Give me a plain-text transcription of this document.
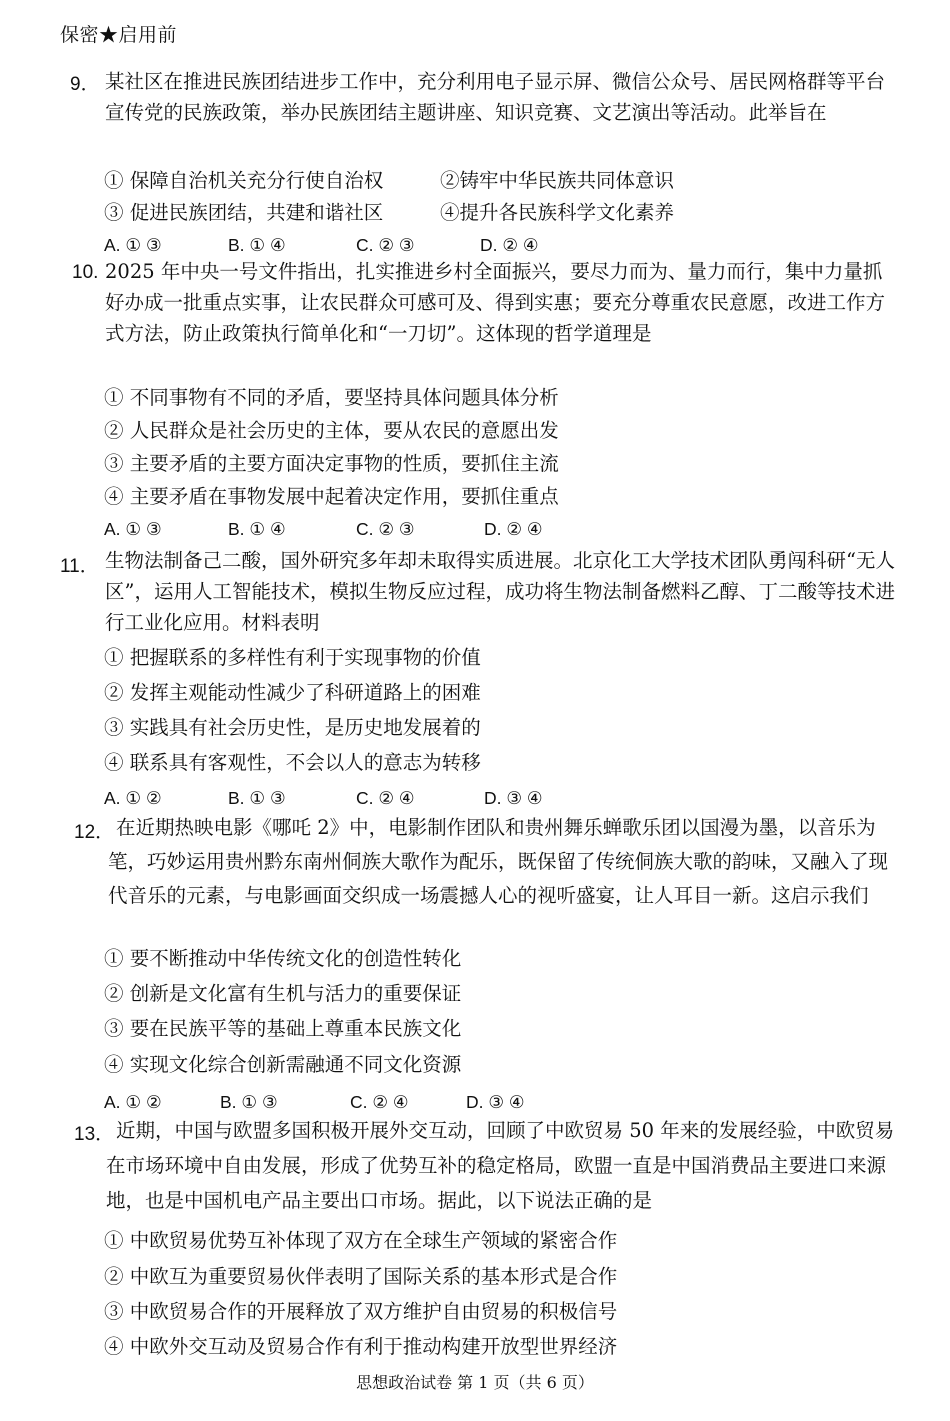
保密★启用前
9． 某社区在推进民族团结进步工作中，充分利用电子显示屏、微信公众号、居民网格群等平台宣传党的民族政策，举办民族团结主题讲座、知识竞赛、文艺演出等活动。此举旨在
① 保障自治机关充分行使自治权	②铸牢中华民族共同体意识
③ 促进民族团结，共建和谐社区	④提升各民族科学文化素养
A. ① ③	B. ① ④	C. ② ③	D. ② ④
10. 2025 年中央一号文件指出，扎实推进乡村全面振兴，要尽力而为、量力而行，集中力量抓好办成一批重点实事，让农民群众可感可及、得到实惠；要充分尊重农民意愿，改进工作方式方法，防止政策执行简单化和“一刀切”。这体现的哲学道理是
① 不同事物有不同的矛盾，要坚持具体问题具体分析
② 人民群众是社会历史的主体，要从农民的意愿出发
③ 主要矛盾的主要方面决定事物的性质，要抓住主流
④ 主要矛盾在事物发展中起着决定作用，要抓住重点
A. ① ③	B. ① ④	C. ② ③	D. ② ④
11． 生物法制备己二酸，国外研究多年却未取得实质进展。北京化工大学技术团队勇闯科研“无人区”，运用人工智能技术，模拟生物反应过程，成功将生物法制备燃料乙醇、丁二酸等技术进行工业化应用。材料表明
① 把握联系的多样性有利于实现事物的价值
② 发挥主观能动性减少了科研道路上的困难
③ 实践具有社会历史性，是历史地发展着的
④ 联系具有客观性，不会以人的意志为转移
A. ① ②	B. ① ③	C. ② ④	D. ③ ④
12． 在近期热映电影《哪吒 2》中，电影制作团队和贵州舞乐蝉歌乐团以国漫为墨，以音乐为笔，巧妙运用贵州黔东南州侗族大歌作为配乐，既保留了传统侗族大歌的韵味，又融入了现代音乐的元素，与电影画面交织成一场震撼人心的视听盛宴，让人耳目一新。这启示我们
① 要不断推动中华传统文化的创造性转化
② 创新是文化富有生机与活力的重要保证
③ 要在民族平等的基础上尊重本民族文化
④ 实现文化综合创新需融通不同文化资源
A. ① ②	B. ① ③	C. ② ④	D. ③ ④
13． 近期，中国与欧盟多国积极开展外交互动，回顾了中欧贸易 50 年来的发展经验，中欧贸易在市场环境中自由发展，形成了优势互补的稳定格局，欧盟一直是中国消费品主要进口来源地，也是中国机电产品主要出口市场。据此，以下说法正确的是
① 中欧贸易优势互补体现了双方在全球生产领域的紧密合作
② 中欧互为重要贸易伙伴表明了国际关系的基本形式是合作
③ 中欧贸易合作的开展释放了双方维护自由贸易的积极信号
④ 中欧外交互动及贸易合作有利于推动构建开放型世界经济
思想政治试卷 第 1 页（共 6 页）
